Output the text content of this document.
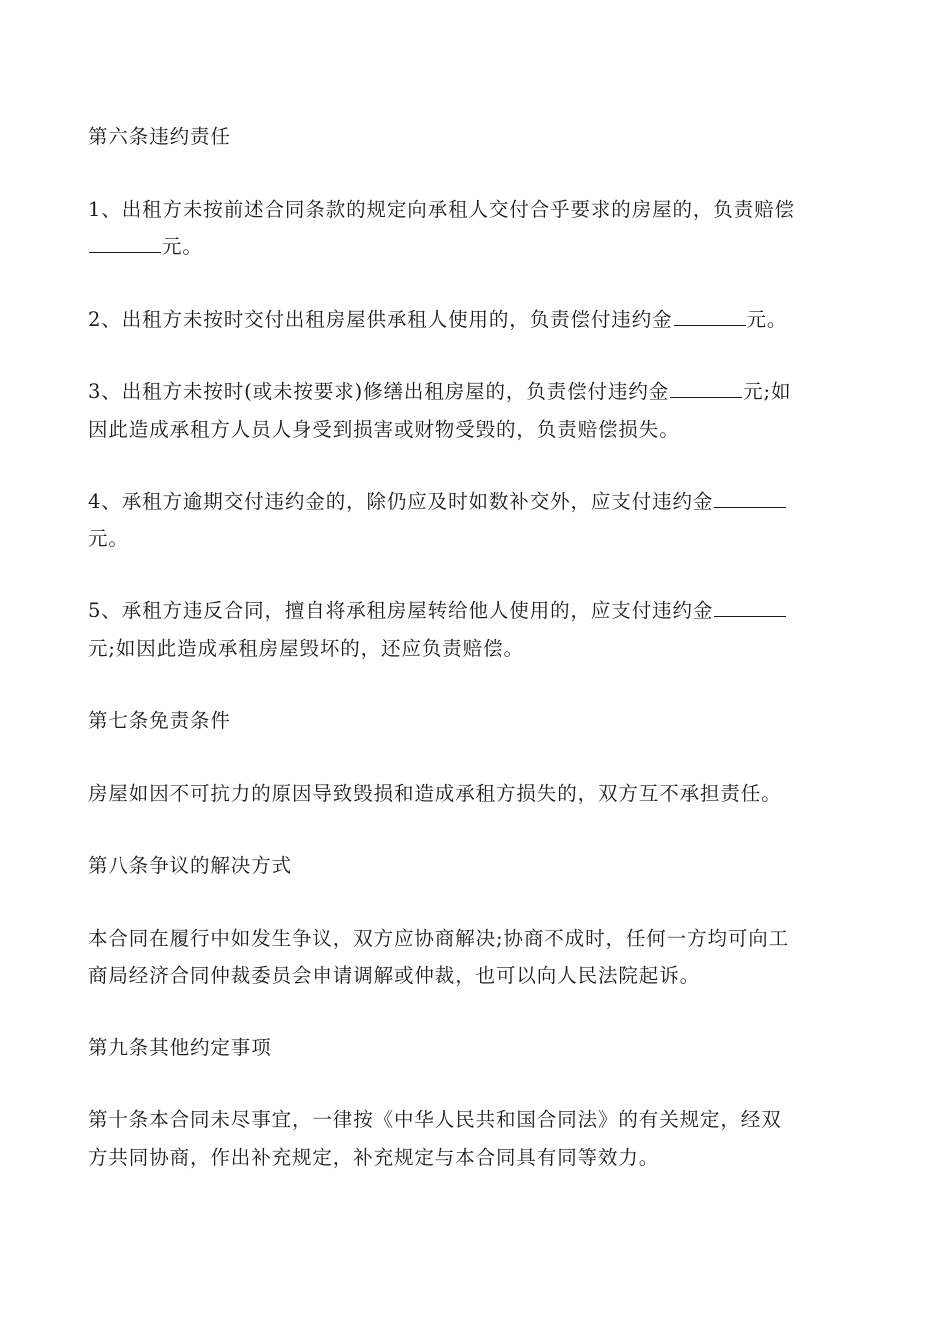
第六条违约责任
1、出租方未按前述合同条款的规定向承租人交付合乎要求的房屋的，负责赔偿
元。
2、出租方未按时交付出租房屋供承租人使用的，负责偿付违约金	元。
3、出租方未按时(或未按要求)修缮出租房屋的，负责偿付违约金	元;如
因此造成承租方人员人身受到损害或财物受毁的，负责赔偿损失。
4、承租方逾期交付违约金的，除仍应及时如数补交外，应支付违约金
元。
5、承租方违反合同，擅自将承租房屋转给他人使用的，应支付违约金
元;如因此造成承租房屋毁坏的，还应负责赔偿。
第七条免责条件
房屋如因不可抗力的原因导致毁损和造成承租方损失的，双方互不承担责任。
第八条争议的解决方式
本合同在履行中如发生争议，双方应协商解决;协商不成时，任何一方均可向工
商局经济合同仲裁委员会申请调解或仲裁，也可以向人民法院起诉。
第九条其他约定事项
第十条本合同未尽事宜，一律按《中华人民共和国合同法》的有关规定，经双
方共同协商，作出补充规定，补充规定与本合同具有同等效力。
